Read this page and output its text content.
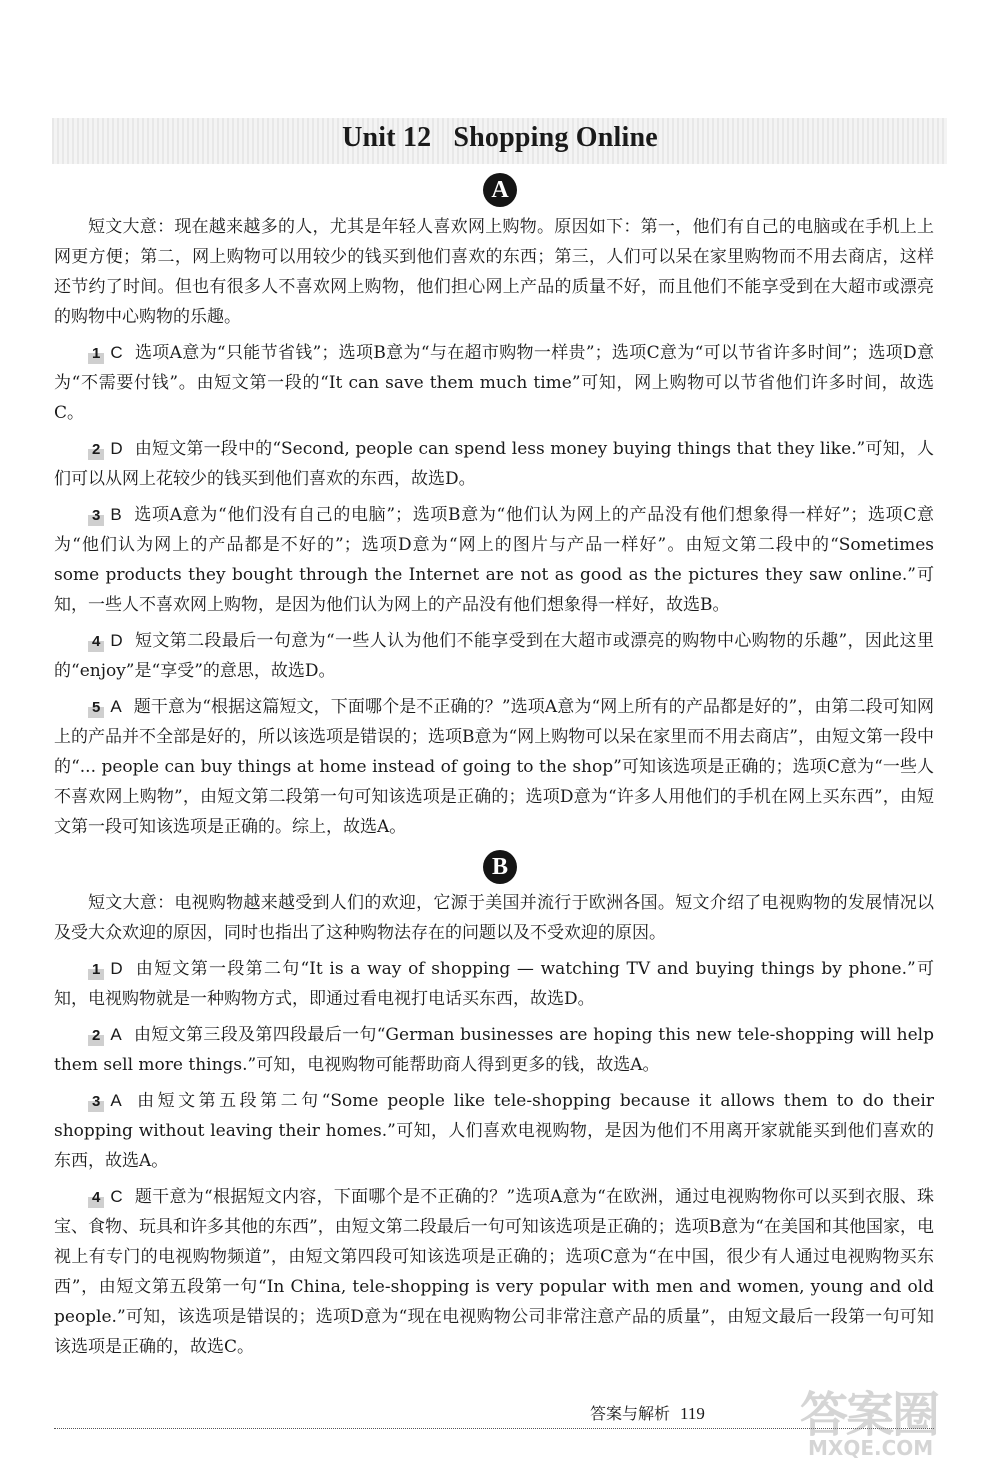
Unit 12 Shopping Online
A

短文大意：现在越来越多的人，尤其是年轻人喜欢网上购物。原因如下：第一，他们有自己的电脑或在手机上上网更方便；第二，网上购物可以用较少的钱买到他们喜欢的东西；第三，人们可以呆在家里购物而不用去商店，这样还节约了时间。但也有很多人不喜欢网上购物，他们担心网上产品的质量不好，而且他们不能享受到在大超市或漂亮的购物中心购物的乐趣。

1 C 选项A意为“只能节省钱”；选项B意为“与在超市购物一样贵”；选项C意为“可以节省许多时间”；选项D意为“不需要付钱”。由短文第一段的“It can save them much time”可知，网上购物可以节省他们许多时间，故选C。

2 D 由短文第一段中的“Second, people can spend less money buying things that they like.”可知，人们可以从网上花较少的钱买到他们喜欢的东西，故选D。

3 B 选项A意为“他们没有自己的电脑”；选项B意为“他们认为网上的产品没有他们想象得一样好”；选项C意为“他们认为网上的产品都是不好的”；选项D意为“网上的图片与产品一样好”。由短文第二段中的“Sometimes some products they bought through the Internet are not as good as the pictures they saw online.”可知，一些人不喜欢网上购物，是因为他们认为网上的产品没有他们想象得一样好，故选B。

4 D 短文第二段最后一句意为“一些人认为他们不能享受到在大超市或漂亮的购物中心购物的乐趣”，因此这里的“enjoy”是“享受”的意思，故选D。

5 A 题干意为“根据这篇短文，下面哪个是不正确的？”选项A意为“网上所有的产品都是好的”，由第二段可知网上的产品并不全部是好的，所以该选项是错误的；选项B意为“网上购物可以呆在家里而不用去商店”，由短文第一段中的“... people can buy things at home instead of going to the shop”可知该选项是正确的；选项C意为“一些人不喜欢网上购物”，由短文第二段第一句可知该选项是正确的；选项D意为“许多人用他们的手机在网上买东西”，由短文第一段可知该选项是正确的。综上，故选A。

B

短文大意：电视购物越来越受到人们的欢迎，它源于美国并流行于欧洲各国。短文介绍了电视购物的发展情况以及受大众欢迎的原因，同时也指出了这种购物法存在的问题以及不受欢迎的原因。

1 D 由短文第一段第二句“It is a way of shopping — watching TV and buying things by phone.”可知，电视购物就是一种购物方式，即通过看电视打电话买东西，故选D。

2 A 由短文第三段及第四段最后一句“German businesses are hoping this new tele-shopping will help them sell more things.”可知，电视购物可能帮助商人得到更多的钱，故选A。

3 A 由短文第五段第二句“Some people like tele-shopping because it allows them to do their shopping without leaving their homes.”可知，人们喜欢电视购物，是因为他们不用离开家就能买到他们喜欢的东西，故选A。

4 C 题干意为“根据短文内容，下面哪个是不正确的？”选项A意为“在欧洲，通过电视购物你可以买到衣服、珠宝、食物、玩具和许多其他的东西”，由短文第二段最后一句可知该选项是正确的；选项B意为“在美国和其他国家，电视上有专门的电视购物频道”，由短文第四段可知该选项是正确的；选项C意为“在中国，很少有人通过电视购物买东西”，由短文第五段第一句“In China, tele-shopping is very popular with men and women, young and old people.”可知，该选项是错误的；选项D意为“现在电视购物公司非常注意产品的质量”，由短文最后一段第一句可知该选项是正确的，故选C。

答案与解析 119 答案圈
MXQE.COM
